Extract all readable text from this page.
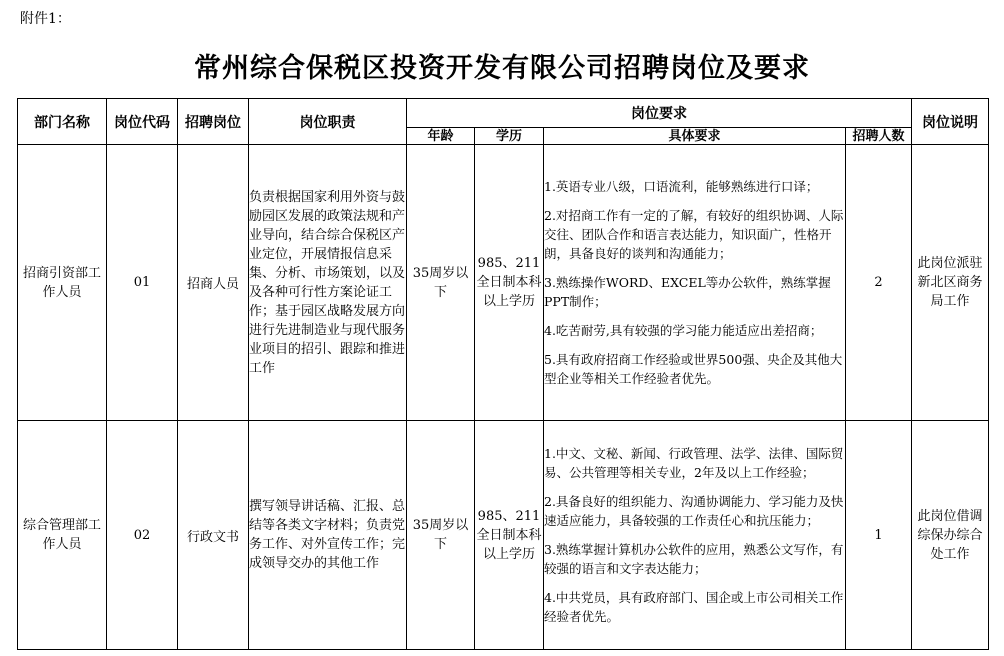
附件1：
常州综合保税区投资开发有限公司招聘岗位及要求
部门名称	岗位代码	招聘岗位	岗位职责	岗位要求				岗位说明
				年龄	学历	具体要求	招聘人数	
招商引资部工作人员	01	招商人员	负责根据国家利用外资与鼓励园区发展的政策法规和产业导向，结合综合保税区产业定位，开展情报信息采集、分析、市场策划，以及及各种可行性方案论证工作；基于园区战略发展方向进行先进制造业与现代服务业项目的招引、跟踪和推进工作	35周岁以下	985、211全日制本科以上学历	1.英语专业八级，口语流利，能够熟练进行口译；

2.对招商工作有一定的了解，有较好的组织协调、人际交往、团队合作和语言表达能力，知识面广，性格开朗，具备良好的谈判和沟通能力；

3.熟练操作WORD、EXCEL等办公软件，熟练掌握PPT制作；

4.吃苦耐劳,具有较强的学习能力能适应出差招商；

5.具有政府招商工作经验或世界500强、央企及其他大型企业等相关工作经验者优先。	2	此岗位派驻新北区商务局工作
综合管理部工作人员	02	行政文书	撰写领导讲话稿、汇报、总结等各类文字材料；负责党务工作、对外宣传工作；完成领导交办的其他工作	35周岁以下	985、211全日制本科以上学历	1.中文、文秘、新闻、行政管理、法学、法律、国际贸易、公共管理等相关专业，2年及以上工作经验；

2.具备良好的组织能力、沟通协调能力、学习能力及快速适应能力，具备较强的工作责任心和抗压能力；

3.熟练掌握计算机办公软件的应用，熟悉公文写作，有较强的语言和文字表达能力；

4.中共党员，具有政府部门、国企或上市公司相关工作经验者优先。	1	此岗位借调综保办综合处工作
